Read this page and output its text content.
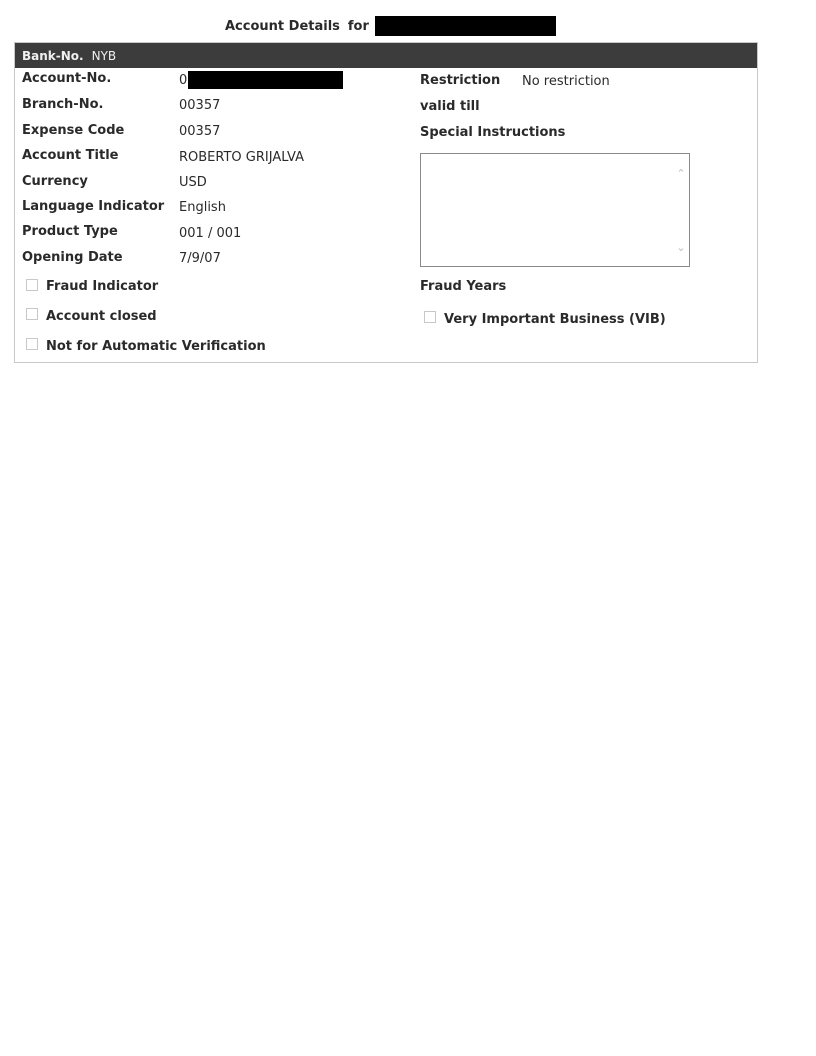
Account Details for
Bank-No. NYB
Account-No.	0
Branch-No.	00357
Expense Code	00357
Account Title	ROBERTO GRIJALVA
Currency	USD
Language Indicator English
Product Type	001 / 001
Opening Date	7/9/07
Fraud Indicator
Account closed
Not for Automatic Verification
Restriction No restriction
valid till
Special Instructions
⌃
⌄
Fraud Years
Very Important Business (VIB)
